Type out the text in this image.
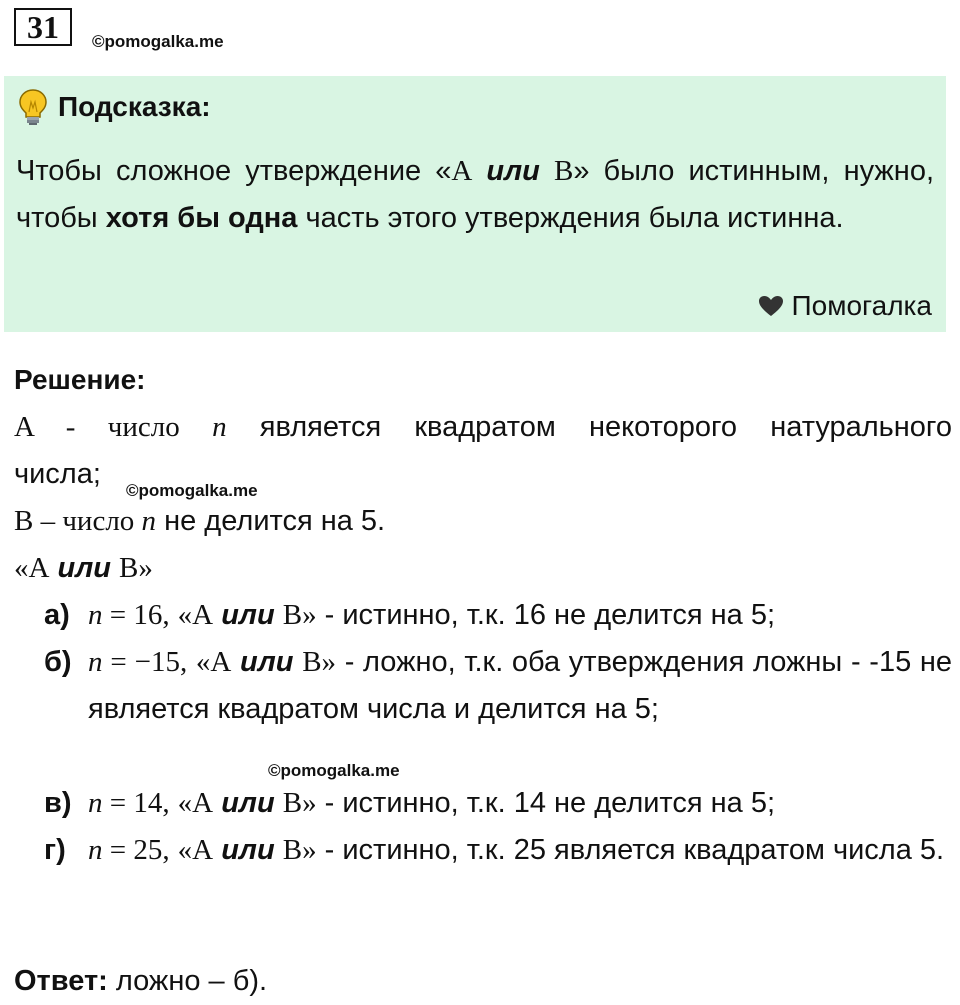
31	©pomogalka.me
Подсказка:

Чтобы сложное утверждение «A или B» было истинным, нужно, чтобы хотя бы одна часть этого утверждения была истинна.

Помогалка
Решение:

A - число n является квадратом некоторого натурального

числа;

©pomogalka.me

B – число n не делится на 5.

«A или B»

а) n = 16, «A или B» - истинно, т.к. 16 не делится на 5;

б) n = −15, «A или B» - ложно, т.к. оба утверждения ложны - -15 не является квадратом числа и делится на 5;

©pomogalka.me
в) n = 14, «A или B» - истинно, т.к. 14 не делится на 5;

г) n = 25, «A или B» - истинно, т.к. 25 является квадратом числа 5.

Ответ: ложно – б).
